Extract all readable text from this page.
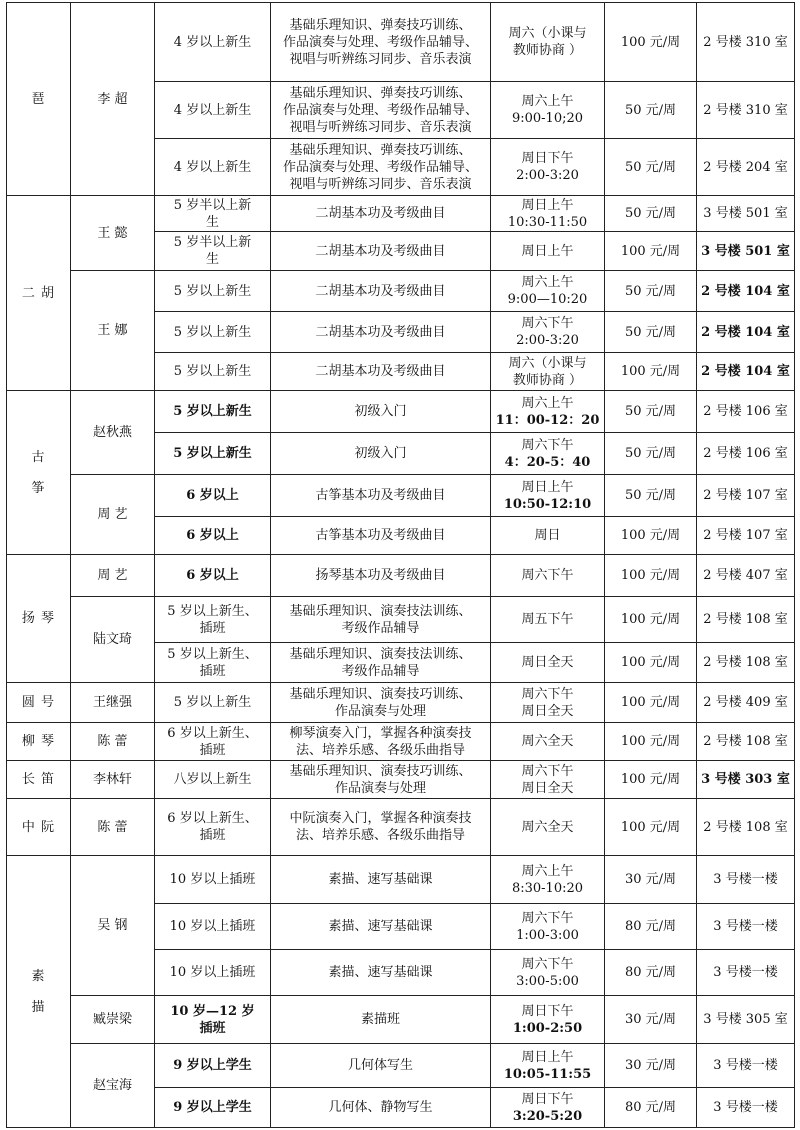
琶	李 超	4 岁以上新生	基础乐理知识、弹奏技巧训练、
作品演奏与处理、考级作品辅导、
视唱与听辨练习同步、音乐表演	周六（小课与
教师协商 ）	100 元/周	2 号楼 310 室

		4 岁以上新生	基础乐理知识、弹奏技巧训练、
作品演奏与处理、考级作品辅导、
视唱与听辨练习同步、音乐表演	周六上午
9:00-10;20	50 元/周	2 号楼 310 室

		4 岁以上新生	基础乐理知识、弹奏技巧训练、
作品演奏与处理、考级作品辅导、
视唱与听辨练习同步、音乐表演	周日下午
2:00-3:20	50 元/周	2 号楼 204 室

二 胡	王 懿	5 岁半以上新
生	二胡基本功及考级曲目	周日上午
10:30-11:50	50 元/周	3 号楼 501 室

		5 岁半以上新
生	二胡基本功及考级曲目	周日上午	100 元/周	3 号楼 501 室

	王 娜	5 岁以上新生	二胡基本功及考级曲目	周六上午
9:00—10:20	50 元/周	2 号楼 104 室

		5 岁以上新生	二胡基本功及考级曲目	周六下午
2:00-3:20	50 元/周	2 号楼 104 室

		5 岁以上新生	二胡基本功及考级曲目	周六（小课与
教师协商 ）	100 元/周	2 号楼 104 室

古
筝	赵秋燕	5 岁以上新生	初级入门	周六上午
11：00-12：20	50 元/周	2 号楼 106 室

		5 岁以上新生	初级入门	周六下午
4：20-5：40	50 元/周	2 号楼 106 室

	周 艺	6 岁以上	古筝基本功及考级曲目	周日上午
10:50-12:10	50 元/周	2 号楼 107 室

		6 岁以上	古筝基本功及考级曲目	周日	100 元/周	2 号楼 107 室

扬 琴	周 艺	6 岁以上	扬琴基本功及考级曲目	周六下午	100 元/周	2 号楼 407 室

	陆文琦	5 岁以上新生、
插班	基础乐理知识、演奏技法训练、
考级作品辅导	周五下午	100 元/周	2 号楼 108 室

		5 岁以上新生、
插班	基础乐理知识、演奏技法训练、
考级作品辅导	周日全天	100 元/周	2 号楼 108 室

圆 号	王继强	5 岁以上新生	基础乐理知识、演奏技巧训练、
作品演奏与处理	周六下午
周日全天	100 元/周	2 号楼 409 室

柳 琴	陈 蕾	6 岁以上新生、
插班	柳琴演奏入门，掌握各种演奏技
法、培养乐感、各级乐曲指导	周六全天	100 元/周	2 号楼 108 室

长 笛	李林轩	八岁以上新生	基础乐理知识、演奏技巧训练、
作品演奏与处理	周六下午
周日全天	100 元/周	3 号楼 303 室

中 阮	陈 蕾	6 岁以上新生、
插班	中阮演奏入门，掌握各种演奏技
法、培养乐感、各级乐曲指导	周六全天	100 元/周	2 号楼 108 室

素
描	吴 钢	10 岁以上插班	素描、速写基础课	周六上午
8:30-10:20	30 元/周	3 号楼一楼

		10 岁以上插班	素描、速写基础课	周六下午
1:00-3:00	80 元/周	3 号楼一楼

		10 岁以上插班	素描、速写基础课	周六下午
3:00-5:00	80 元/周	3 号楼一楼

	臧崇梁	10 岁—12 岁
插班	素描班	周日下午
1:00-2:50	30 元/周	3 号楼 305 室

	赵宝海	9 岁以上学生	几何体写生	周日上午
10:05-11:55	30 元/周	3 号楼一楼

		9 岁以上学生	几何体、静物写生	周日下午
3:20-5:20	80 元/周	3 号楼一楼
